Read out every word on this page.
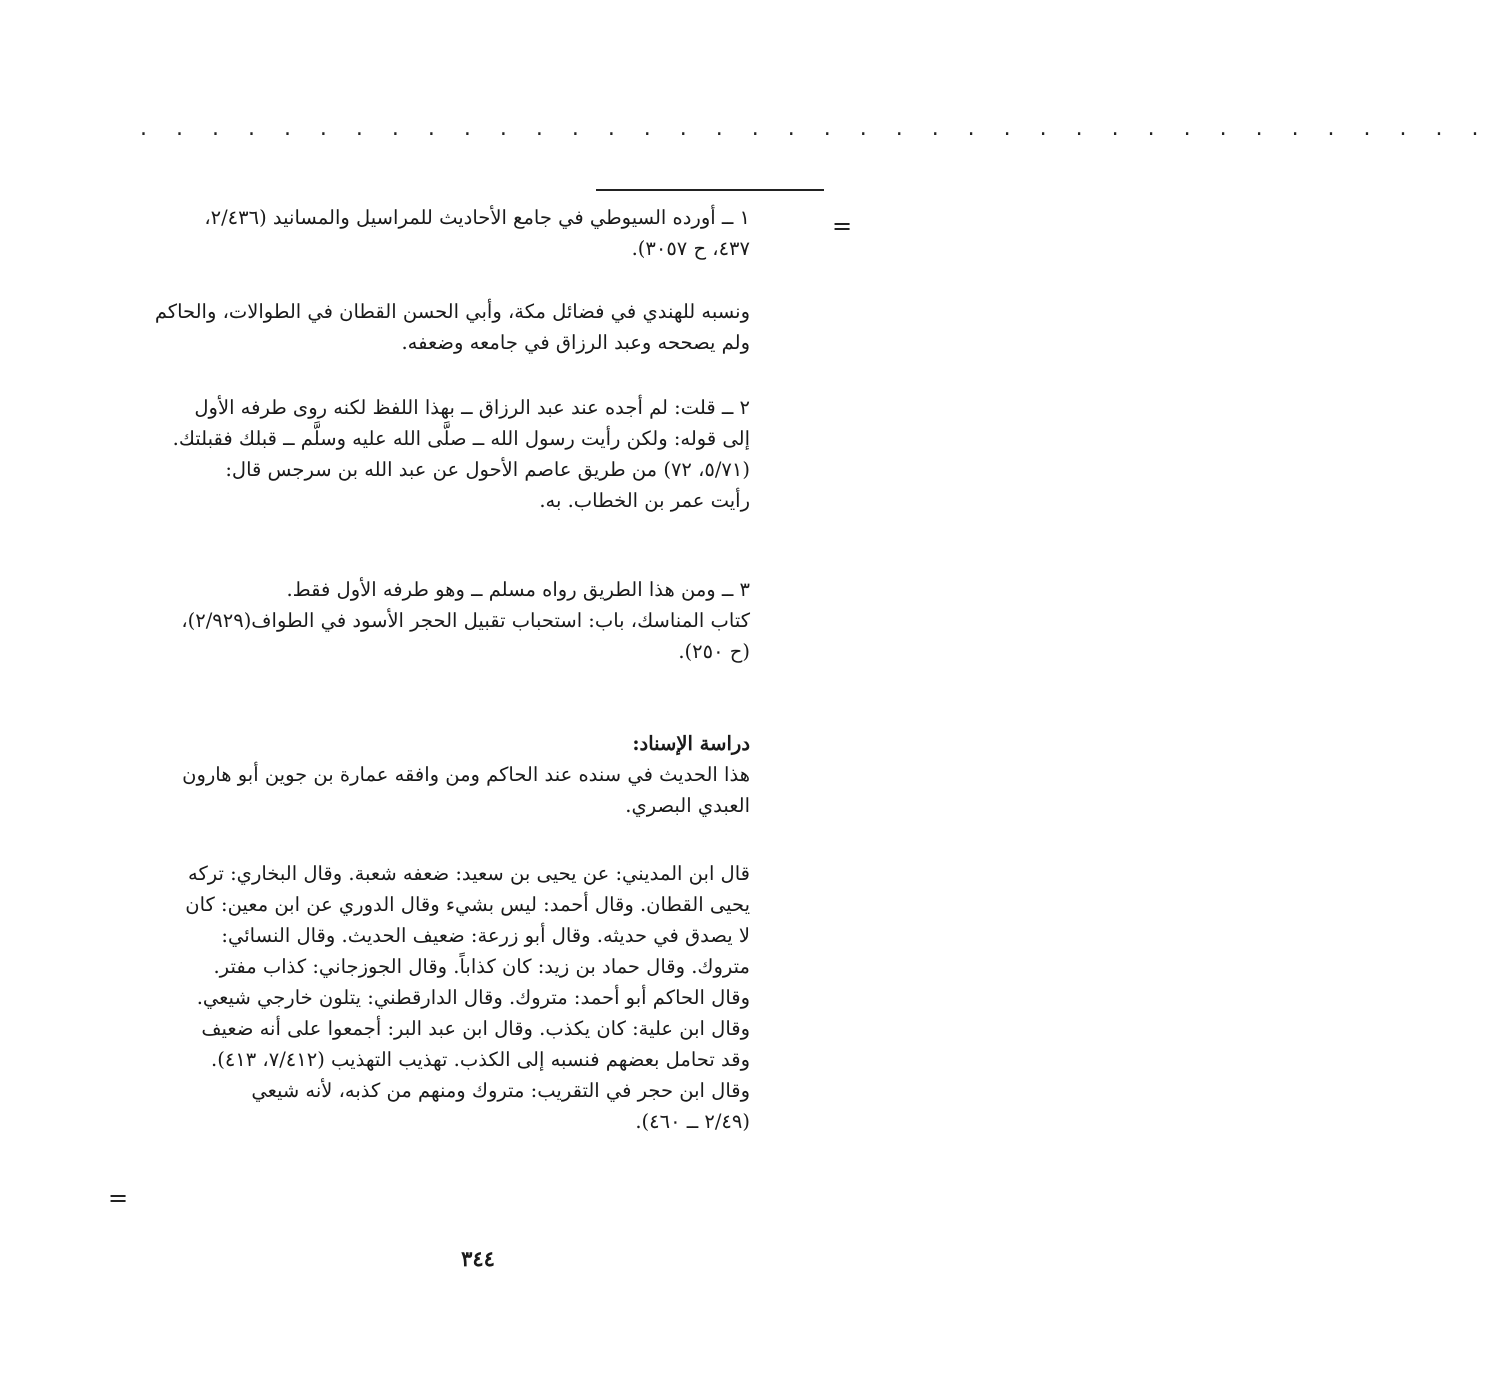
. . . . . . . . . . . . . . . . . . . . . . . . . . . . . . . . . . . . . .
=

١ ــ أورده السيوطي في جامع الأحاديث للمراسيل والمسانيد (٢/٤٣٦،

٤٣٧، ح ٣٠٥٧).

ونسبه للهندي في فضائل مكة، وأبي الحسن القطان في الطوالات، والحاكم

ولم يصححه وعبد الرزاق في جامعه وضعفه.

٢ ــ قلت: لم أجده عند عبد الرزاق ــ بهذا اللفظ لكنه روى طرفه الأول

إلى قوله: ولكن رأيت رسول الله ــ صلَّى الله عليه وسلَّم ــ قبلك فقبلتك.

(٥/٧١، ٧٢) من طريق عاصم الأحول عن عبد الله بن سرجس قال:

رأيت عمر بن الخطاب. به.

٣ ــ ومن هذا الطريق رواه مسلم ــ وهو طرفه الأول فقط.

كتاب المناسك، باب: استحباب تقبيل الحجر الأسود في الطواف(٢/٩٢٩)،

(ح ٢٥٠).

دراسة الإسناد:

هذا الحديث في سنده عند الحاكم ومن وافقه عمارة بن جوين أبو هارون

العبدي البصري.

قال ابن المديني: عن يحيى بن سعيد: ضعفه شعبة. وقال البخاري: تركه

يحيى القطان. وقال أحمد: ليس بشيء وقال الدوري عن ابن معين: كان

لا يصدق في حديثه. وقال أبو زرعة: ضعيف الحديث. وقال النسائي:

متروك. وقال حماد بن زيد: كان كذاباً. وقال الجوزجاني: كذاب مفتر.

وقال الحاكم أبو أحمد: متروك. وقال الدارقطني: يتلون خارجي شيعي.

وقال ابن علية: كان يكذب. وقال ابن عبد البر: أجمعوا على أنه ضعيف

وقد تحامل بعضهم فنسبه إلى الكذب. تهذيب التهذيب (٧/٤١٢، ٤١٣).

وقال ابن حجر في التقريب: متروك ومنهم من كذبه، لأنه شيعي

(٢/٤٩ ــ ٤٦٠).

=
٣٤٤
